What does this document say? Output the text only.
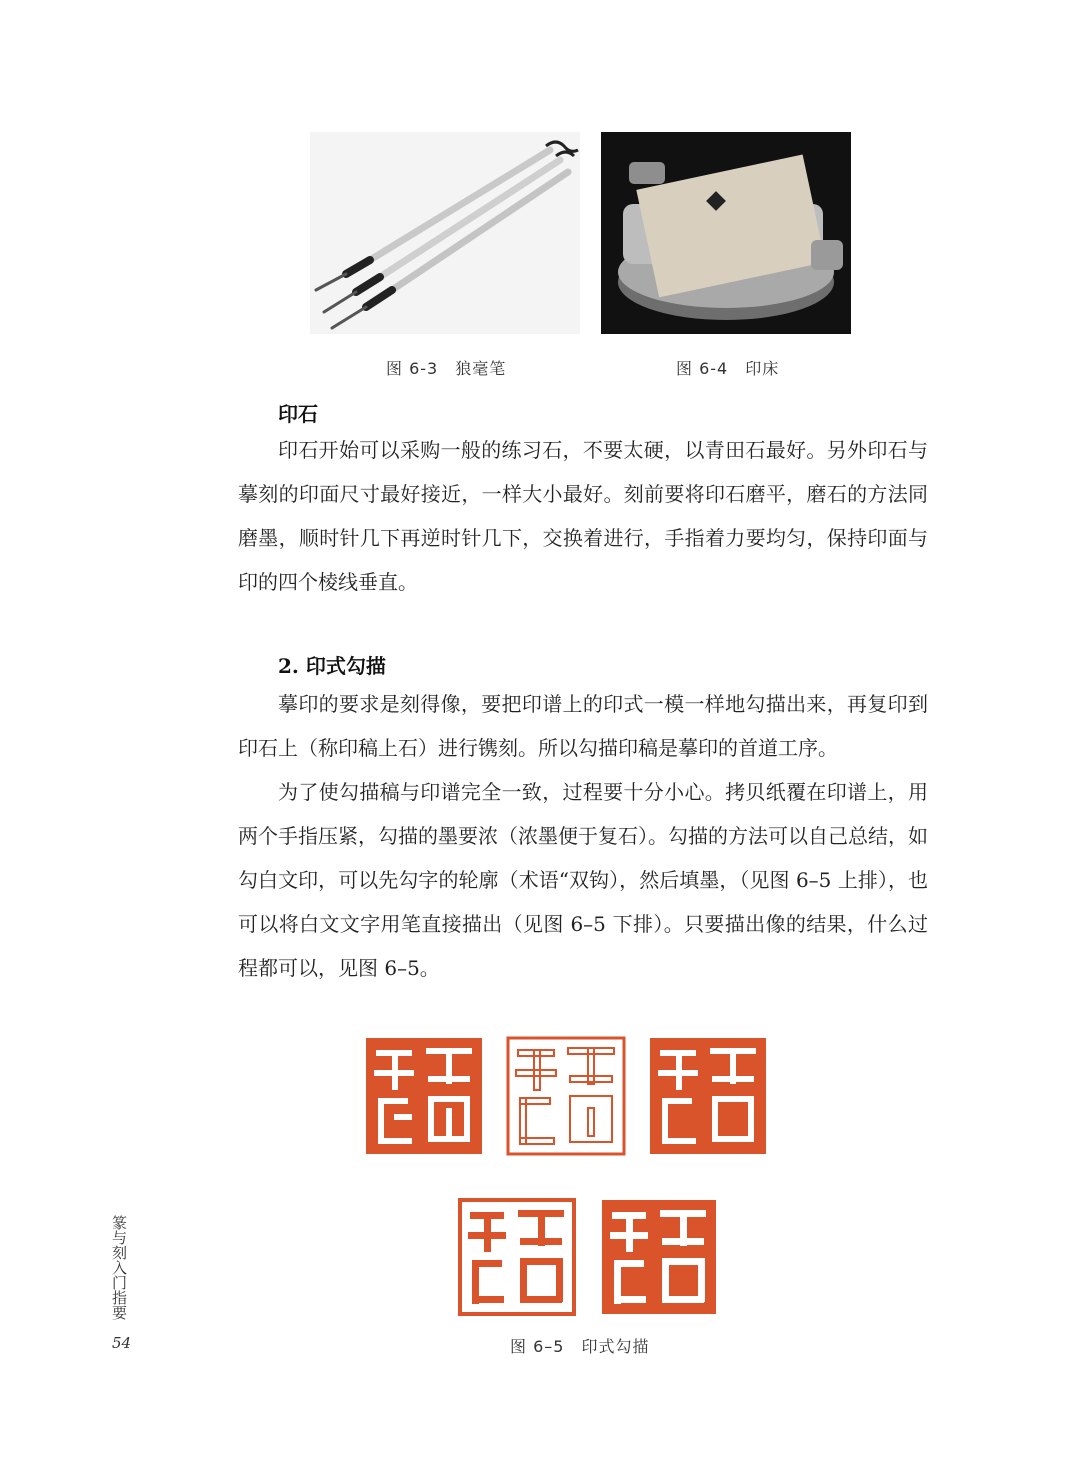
图 6-3　狼毫笔	图 6-4　印床
印石
印石开始可以采购一般的练习石，不要太硬，以青田石最好。另外印石与摹刻的印面尺寸最好接近，一样大小最好。刻前要将印石磨平，磨石的方法同磨墨，顺时针几下再逆时针几下，交换着进行，手指着力要均匀，保持印面与印的四个棱线垂直。
2. 印式勾描
摹印的要求是刻得像，要把印谱上的印式一模一样地勾描出来，再复印到印石上（称印稿上石）进行镌刻。所以勾描印稿是摹印的首道工序。
为了使勾描稿与印谱完全一致，过程要十分小心。拷贝纸覆在印谱上，用两个手指压紧，勾描的墨要浓（浓墨便于复石）。勾描的方法可以自己总结，如勾白文印，可以先勾字的轮廓（术语“双钩），然后填墨，（见图 6–5 上排），也可以将白文文字用笔直接描出（见图 6–5 下排）。只要描出像的结果，什么过程都可以，见图 6–5。
图 6–5　印式勾描
篆与刻入门指要
54
